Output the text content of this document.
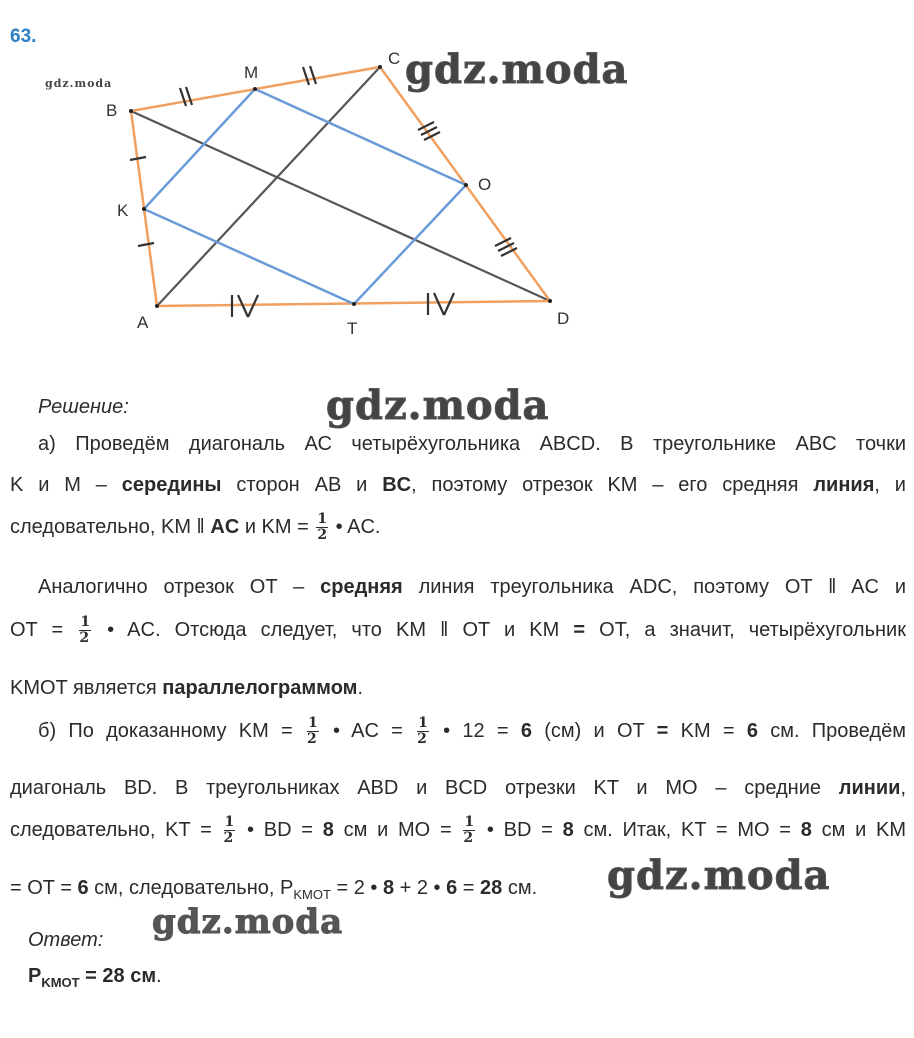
63.
A
B
C
D
K
M
O
T
gdz.moda	gdz.moda
gdz.moda
gdz.moda
gdz.moda
Решение:
а) Проведём диагональ АС четырёхугольника ABCD. В треугольнике ABC точки
K и M – середины сторон AB и BC, поэтому отрезок KM – его средняя линия, и
следовательно, KM ǁ AC и KM = $\frac{1}{2}$ • AC.
Аналогично отрезок OT – средняя линия треугольника ADC, поэтому OT ǁ AC и
OT = $\frac{1}{2}$ • AC. Отсюда следует, что KM ǁ OT и KM = OT, а значит, четырёхугольник
KMOT является параллелограммом.
б) По доказанному KM = $\frac{1}{2}$ • AC = $\frac{1}{2}$ • 12 = 6 (см) и OT = KM = 6 см. Проведём
диагональ BD. В треугольниках ABD и BCD отрезки KT и MO – средние линии,
следовательно, KT = $\frac{1}{2}$ • BD = 8 см и MO = $\frac{1}{2}$ • BD = 8 см. Итак, KT = MO = 8 см и KM
= OT = 6 см, следовательно, $P_{KMOT} = 2$ • 8 + 2 • 6 = 28 см.
Ответ:
$P_{KMOT} = 28$ см.
